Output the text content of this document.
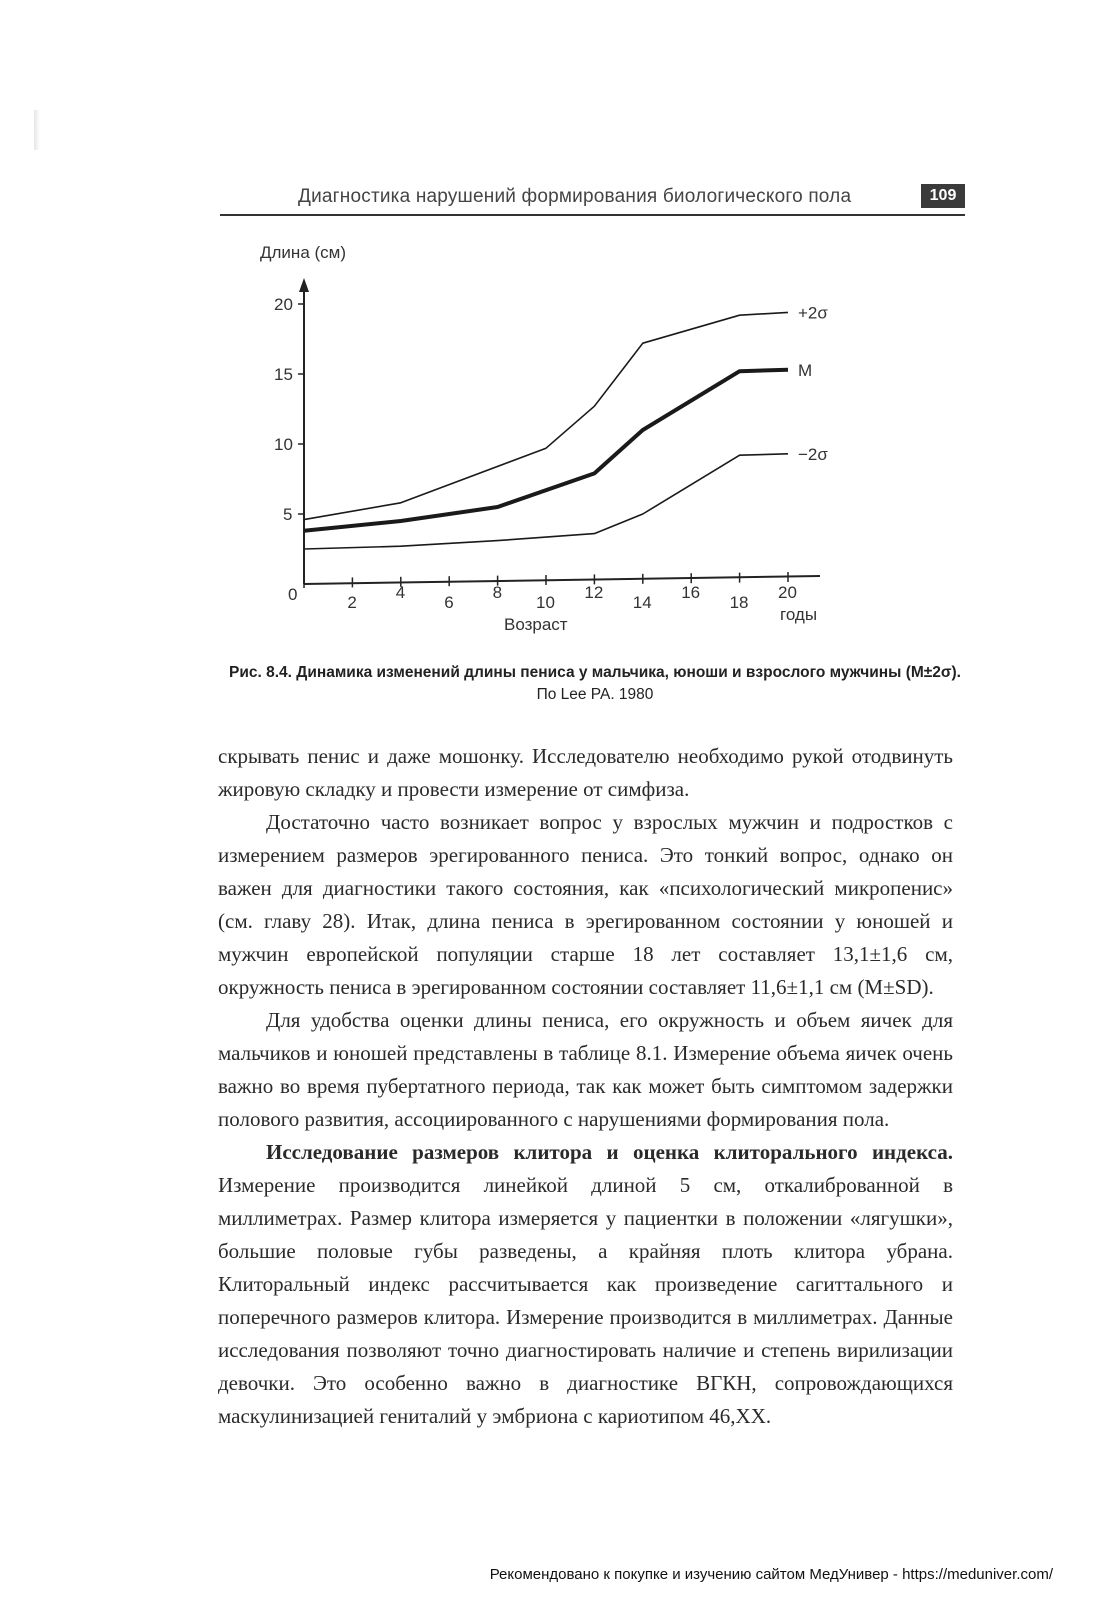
Диагностика нарушений формирования биологического пола	109
Длина (см)
0	2
4
6
8
10
12
14
16
18
20
5
10
15
20	+2σ
M
−2σ
Возраст
годы
Рис. 8.4. Динамика изменений длины пениса у мальчика, юноши и взрослого мужчины (M±2σ).
По Lee PA. 1980

скрывать пенис и даже мошонку. Исследователю необходимо рукой отодвинуть жировую складку и провести измерение от симфиза.

Достаточно часто возникает вопрос у взрослых мужчин и подростков с измерением размеров эрегированного пениса. Это тонкий вопрос, однако он важен для диагностики такого состояния, как «психологический микропенис» (см. главу 28). Итак, длина пениса в эрегированном состоянии у юношей и мужчин европейской популяции старше 18 лет составляет 13,1±1,6 см, окружность пениса в эрегированном состоянии составляет 11,6±1,1 см (M±SD).

Для удобства оценки длины пениса, его окружность и объем яичек для мальчиков и юношей представлены в таблице 8.1. Измерение объема яичек очень важно во время пубертатного периода, так как может быть симптомом задержки полового развития, ассоциированного с нарушениями формирования пола.

Исследование размеров клитора и оценка клиторального индекса. Измерение производится линейкой длиной 5 см, откалиброванной в миллиметрах. Размер клитора измеряется у пациентки в положении «лягушки», большие половые губы разведены, а крайняя плоть клитора убрана. Клиторальный индекс рассчитывается как произведение сагиттального и поперечного размеров клитора. Измерение производится в миллиметрах. Данные исследования позволяют точно диагностировать наличие и степень вирилизации девочки. Это особенно важно в диагностике ВГКН, сопровождающихся маскулинизацией гениталий у эмбриона с кариотипом 46,XX.

Рекомендовано к покупке и изучению сайтом МедУнивер - https://meduniver.com/
